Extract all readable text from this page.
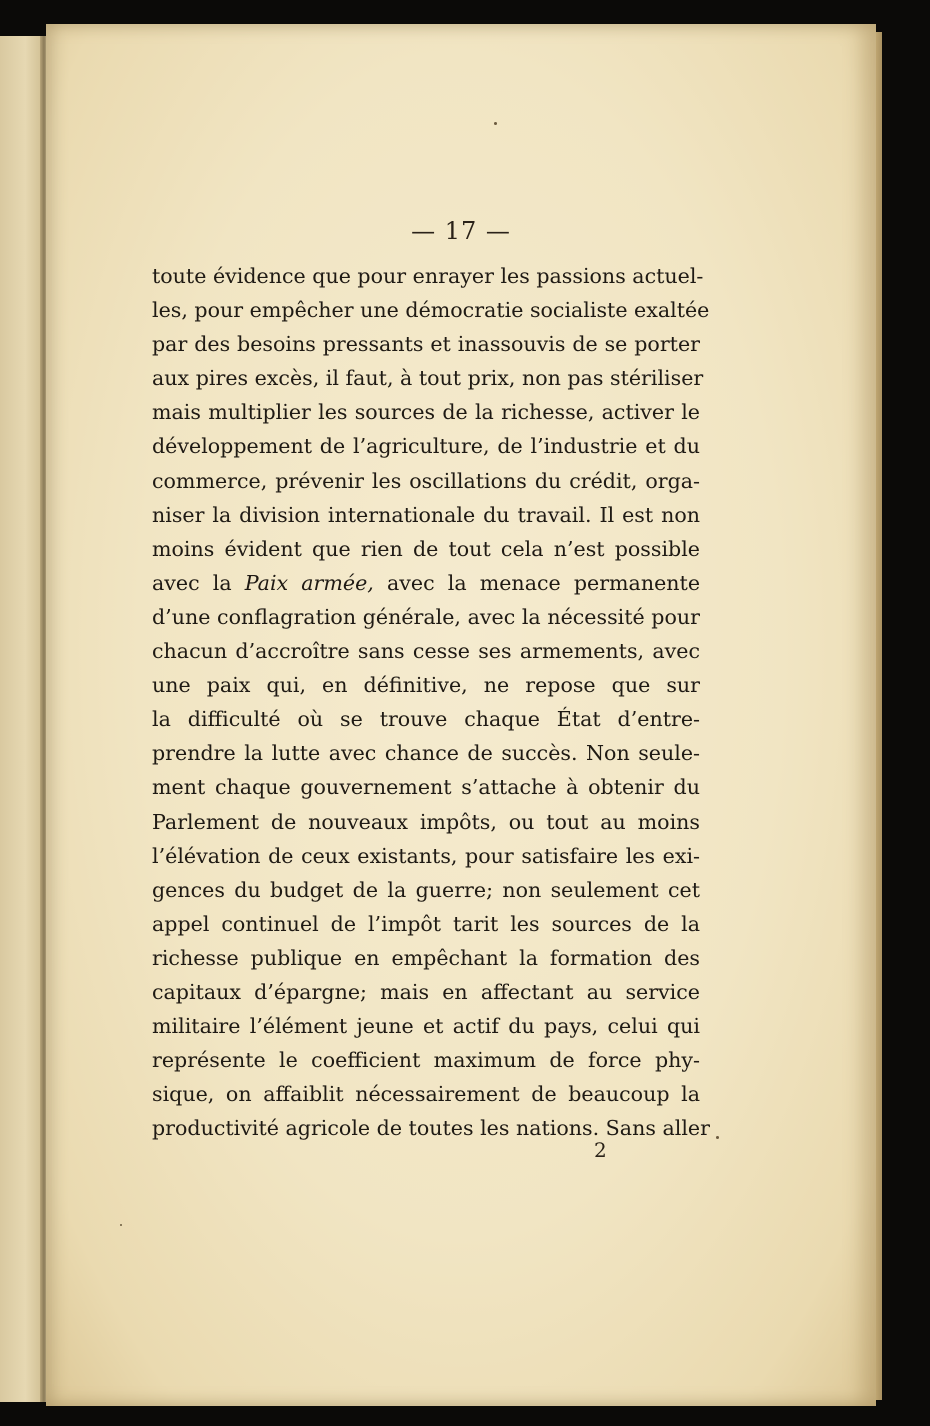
— 17 —
toute évidence que pour enrayer les passions actuel-
les, pour empêcher une démocratie socialiste exaltée
par des besoins pressants et inassouvis de se porter
aux pires excès, il faut, à tout prix, non pas stériliser
mais multiplier les sources de la richesse, activer le
développement de l’agriculture, de l’industrie et du
commerce, prévenir les oscillations du crédit, orga-
niser la division internationale du travail. Il est non
moins évident que rien de tout cela n’est possible
avec la Paix armée, avec la menace permanente
d’une conflagration générale, avec la nécessité pour
chacun d’accroître sans cesse ses armements, avec
une paix qui, en définitive, ne repose que sur
la difficulté où se trouve chaque État d’entre-
prendre la lutte avec chance de succès. Non seule-
ment chaque gouvernement s’attache à obtenir du
Parlement de nouveaux impôts, ou tout au moins
l’élévation de ceux existants, pour satisfaire les exi-
gences du budget de la guerre; non seulement cet
appel continuel de l’impôt tarit les sources de la
richesse publique en empêchant la formation des
capitaux d’épargne; mais en affectant au service
militaire l’élément jeune et actif du pays, celui qui
représente le coefficient maximum de force phy-
sique, on affaiblit nécessairement de beaucoup la
productivité agricole de toutes les nations. Sans aller
2
